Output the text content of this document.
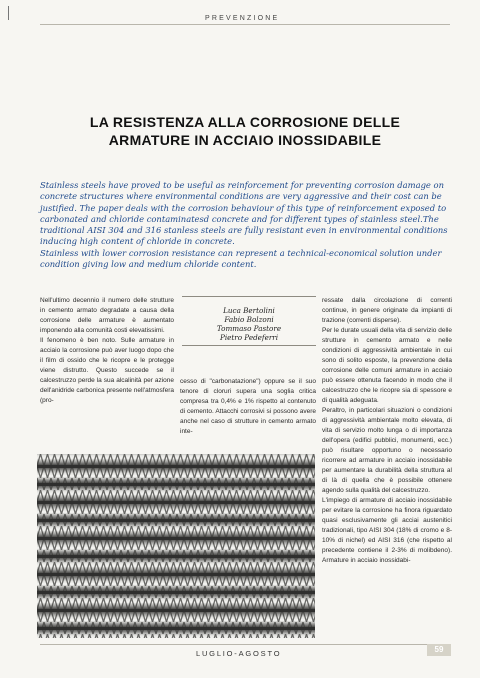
PREVENZIONE
LA RESISTENZA ALLA CORROSIONE DELLE
ARMATURE IN ACCIAIO INOSSIDABILE

Stainless steels have proved to be useful as reinforcement for preventing corrosion damage on concrete structures where environmental conditions are very aggressive and their cost can be justified. The paper deals with the corrosion behaviour of this type of reinforcement exposed to carbonated and chloride contaminatesd concrete and for different types of stainless steel.The traditional AISI 304 and 316 stanless steels are fully resistant even in environmental conditions inducing high content of chloride in concrete.

Stainless with lower corrosion resistance can represent a technical-economical solution under condition giving low and medium chloride content.

Nell'ultimo decennio il numero delle strutture in cemento armato degradate a causa della corrosione delle armature è aumentato imponendo alla comunità costi elevatissimi.

Il fenomeno è ben noto. Sulle armature in acciaio la corrosione può aver luogo dopo che il film di ossido che le ricopre e le protegge viene distrutto. Questo succede se il calcestruzzo perde la sua alcalinità per azione dell'anidride carbonica presente nell'atmosfera (pro-

Luca Bertolini
Fabio Bolzoni
Tommaso Pastore
Pietro Pedeferri

cesso di "carbonatazione") oppure se il suo tenore di cloruri supera una soglia critica compresa tra 0,4% e 1% rispetto al contenuto di cemento. Attacchi corrosivi si possono avere anche nel caso di strutture in cemento armato inte-

ressate dalla circolazione di correnti continue, in genere originate da impianti di trazione (correnti disperse).

Per le durate usuali della vita di servizio delle strutture in cemento armato e nelle condizioni di aggressività ambientale in cui sono di solito esposte, la prevenzione della corrosione delle comuni armature in acciaio può essere ottenuta facendo in modo che il calcestruzzo che le ricopre sia di spessore e di qualità adeguata.

Peraltro, in particolari situazioni o condizioni di aggressività ambientale molto elevata, di vita di servizio molto lunga o di importanza dell'opera (edifici pubblici, monumenti, ecc.) può risultare opportuno o necessario ricorrere ad armature in acciaio inossidabile per aumentare la durabilità della struttura al di là di quella che è possibile ottenere agendo sulla qualità del calcestruzzo.

L'impiego di armature di acciaio inossidabile per evitare la corrosione ha finora riguardato quasi esclusivamente gli acciai austenitici tradizionali, tipo AISI 304 (18% di cromo e 8-10% di nichel) ed AISI 316 (che rispetto al precedente contiene il 2-3% di molibdeno). Armature in acciaio inossidabi-

LUGLIO-AGOSTO	59
